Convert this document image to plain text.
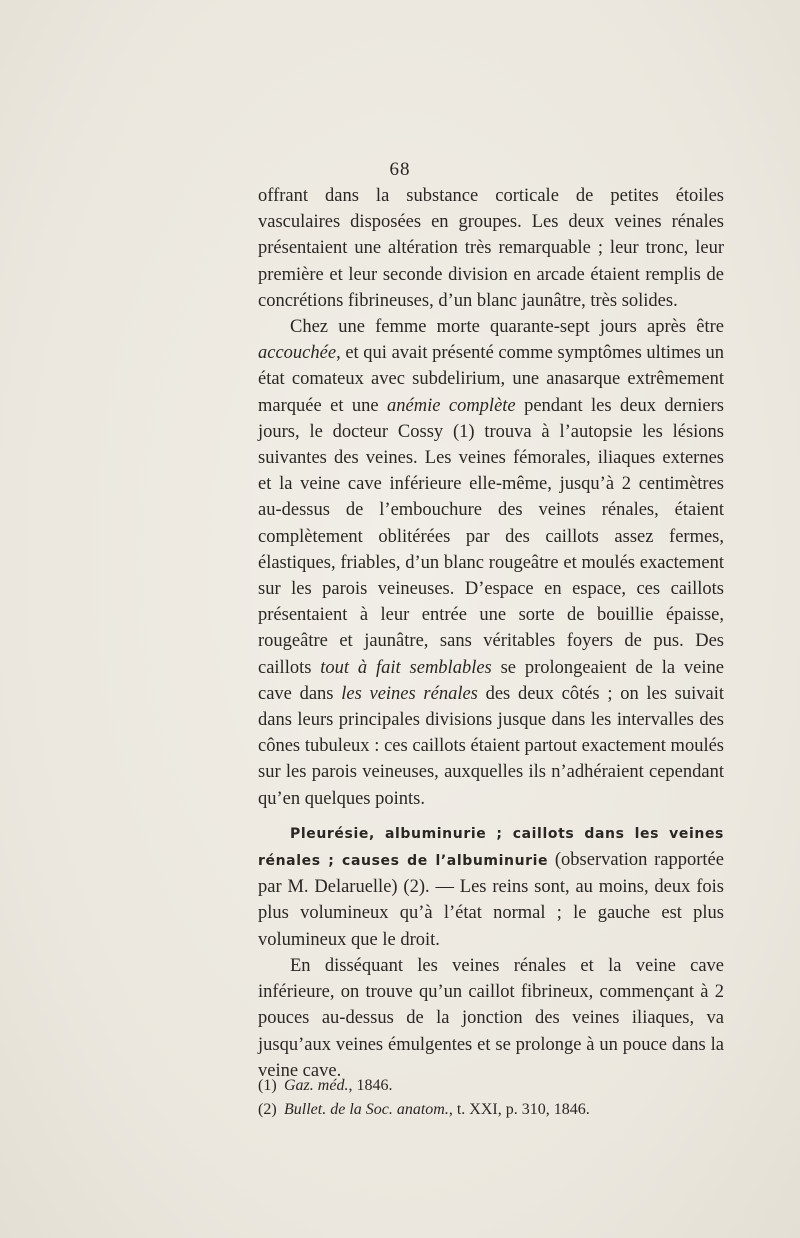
68

offrant dans la substance corticale de petites étoiles vasculaires disposées en groupes. Les deux veines rénales présentaient une altération très remarquable ; leur tronc, leur première et leur seconde division en arcade étaient remplis de concrétions fibrineuses, d’un blanc jaunâtre, très solides.

Chez une femme morte quarante-sept jours après être accouchée, et qui avait présenté comme symptômes ultimes un état comateux avec subdelirium, une anasarque extrêmement marquée et une anémie complète pendant les deux derniers jours, le docteur Cossy (1) trouva à l’autopsie les lésions suivantes des veines. Les veines fémorales, iliaques externes et la veine cave inférieure elle-même, jusqu’à 2 centimètres au-dessus de l’embouchure des veines rénales, étaient complètement oblitérées par des caillots assez fermes, élastiques, friables, d’un blanc rougeâtre et moulés exactement sur les parois veineuses. D’espace en espace, ces caillots présentaient à leur entrée une sorte de bouillie épaisse, rougeâtre et jaunâtre, sans véritables foyers de pus. Des caillots tout à fait semblables se prolongeaient de la veine cave dans les veines rénales des deux côtés ; on les suivait dans leurs principales divisions jusque dans les intervalles des cônes tubuleux : ces caillots étaient partout exactement moulés sur les parois veineuses, auxquelles ils n’adhéraient cependant qu’en quelques points.

Pleurésie, albuminurie ; caillots dans les veines rénales ; causes de l’albuminurie (observation rapportée par M. Delaruelle) (2). — Les reins sont, au moins, deux fois plus volumineux qu’à l’état normal ; le gauche est plus volumineux que le droit.

En disséquant les veines rénales et la veine cave inférieure, on trouve qu’un caillot fibrineux, commençant à 2 pouces au-dessus de la jonction des veines iliaques, va jusqu’aux veines émulgentes et se prolonge à un pouce dans la veine cave.

(1) Gaz. méd., 1846.
(2) Bullet. de la Soc. anatom., t. XXI, p. 310, 1846.
